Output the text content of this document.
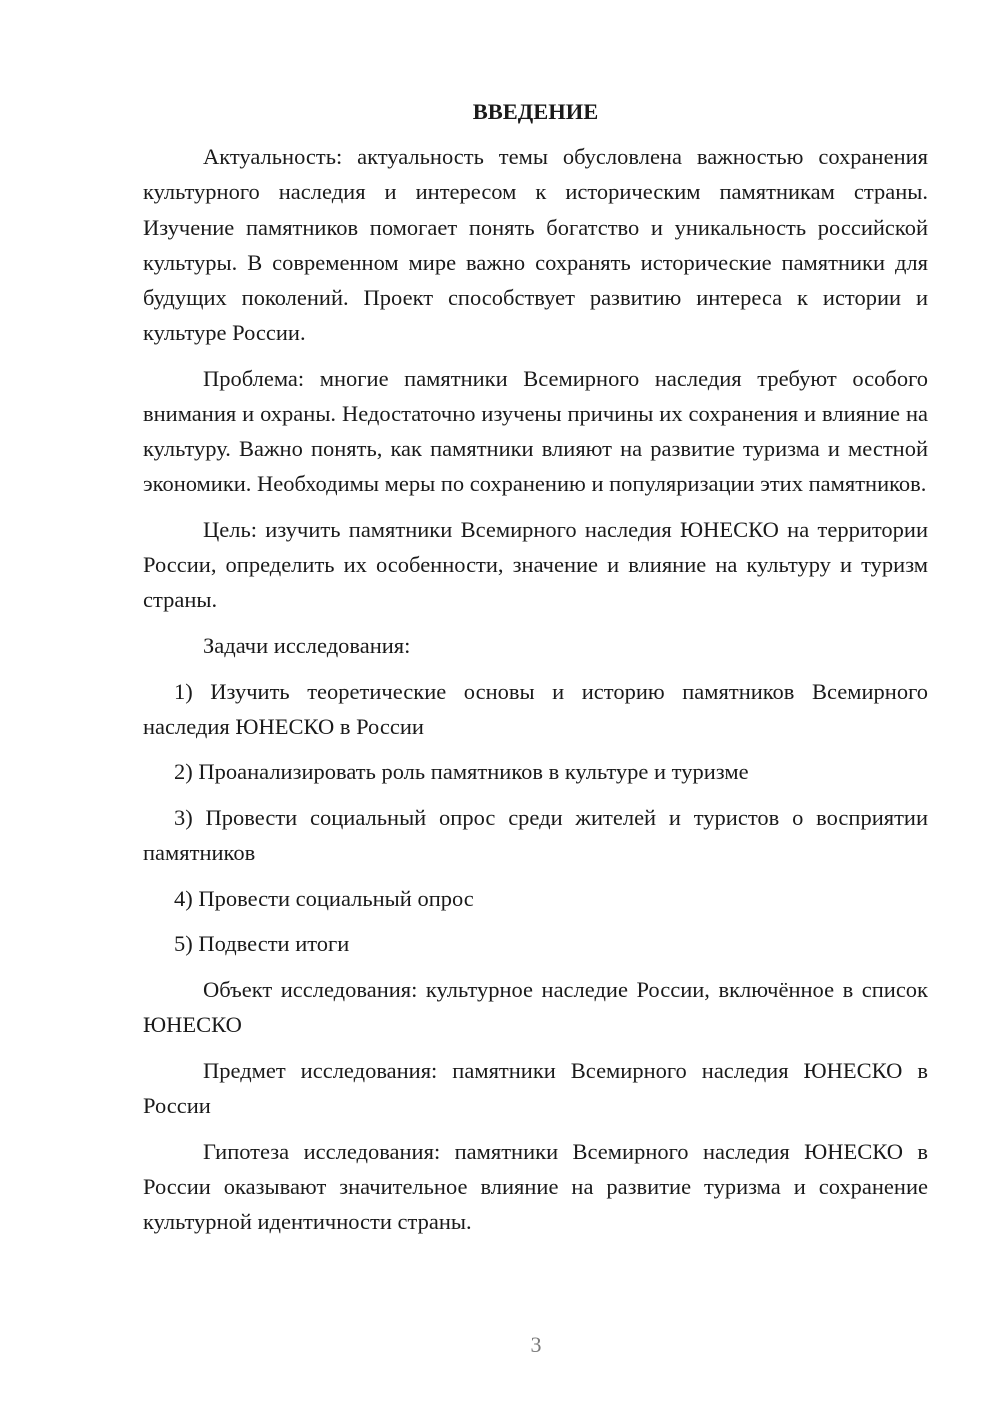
ВВЕДЕНИЕ

Актуальность: актуальность темы обусловлена важностью сохранения культурного наследия и интересом к историческим памятникам страны. Изучение памятников помогает понять богатство и уникальность российской культуры. В современном мире важно сохранять исторические памятники для будущих поколений. Проект способствует развитию интереса к истории и культуре России.

Проблема: многие памятники Всемирного наследия требуют особого внимания и охраны. Недостаточно изучены причины их сохранения и влияние на культуру. Важно понять, как памятники влияют на развитие туризма и местной экономики. Необходимы меры по сохранению и популяризации этих памятников.

Цель: изучить памятники Всемирного наследия ЮНЕСКО на территории России, определить их особенности, значение и влияние на культуру и туризм страны.

Задачи исследования:

1) Изучить теоретические основы и историю памятников Всемирного наследия ЮНЕСКО в России

2) Проанализировать роль памятников в культуре и туризме

3) Провести социальный опрос среди жителей и туристов о восприятии памятников

4) Провести социальный опрос

5) Подвести итоги

Объект исследования: культурное наследие России, включённое в список ЮНЕСКО

Предмет исследования: памятники Всемирного наследия ЮНЕСКО в России

Гипотеза исследования: памятники Всемирного наследия ЮНЕСКО в России оказывают значительное влияние на развитие туризма и сохранение культурной идентичности страны.

3
